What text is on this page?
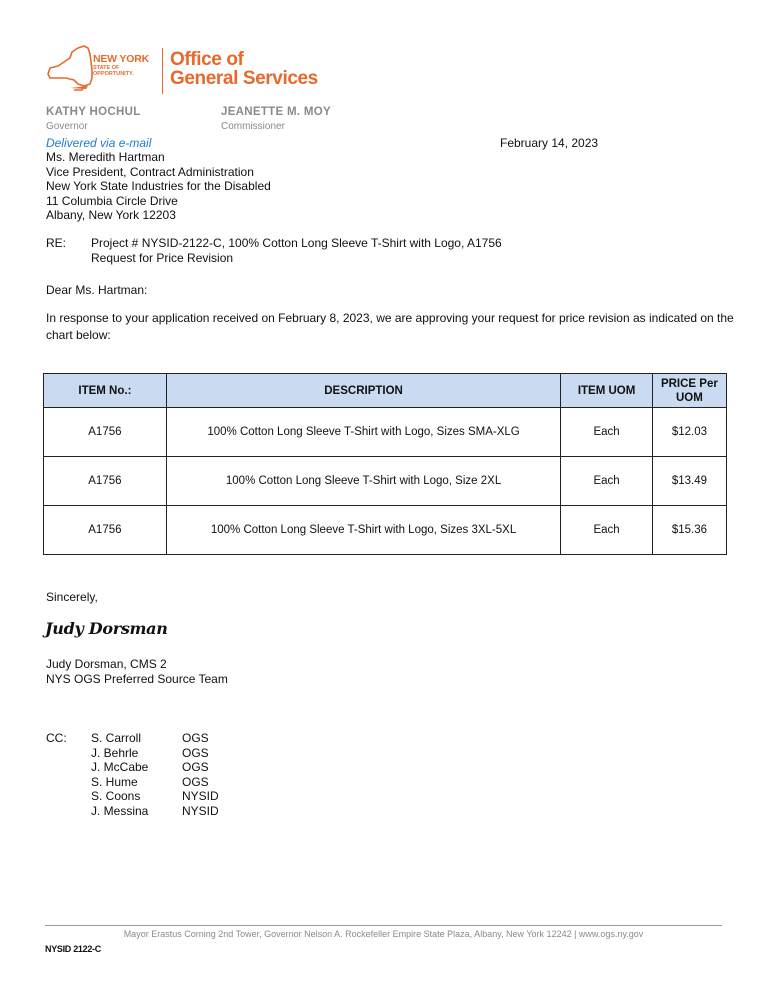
NEW YORK
STATE OF
OPPORTUNITY.
Office of
General Services
KATHY HOCHUL
Governor
JEANETTE M. MOY
Commissioner
Delivered via e-mail	February 14, 2023
Ms. Meredith Hartman
Vice President, Contract Administration
New York State Industries for the Disabled
11 Columbia Circle Drive
Albany, New York 12203
RE: Project # NYSID-2122-C, 100% Cotton Long Sleeve T-Shirt with Logo, A1756
Request for Price Revision
Dear Ms. Hartman:
In response to your application received on February 8, 2023, we are approving your request for price revision as indicated on the chart below:
ITEM No.:	DESCRIPTION	ITEM UOM	PRICE Per UOM
A1756	100% Cotton Long Sleeve T-Shirt with Logo, Sizes SMA-XLG	Each	$12.03
A1756	100% Cotton Long Sleeve T-Shirt with Logo, Size 2XL	Each	$13.49
A1756	100% Cotton Long Sleeve T-Shirt with Logo, Sizes 3XL-5XL	Each	$15.36
Sincerely,
Judy Dorsman
Judy Dorsman, CMS 2
NYS OGS Preferred Source Team
CC: S. Carroll	OGS
J. Behrle	OGS
J. McCabe	OGS
S. Hume	OGS
S. Coons	NYSID
J. Messina	NYSID
Mayor Erastus Corning 2nd Tower, Governor Nelson A. Rockefeller Empire State Plaza, Albany, New York 12242 | www.ogs.ny.gov
NYSID 2122-C
